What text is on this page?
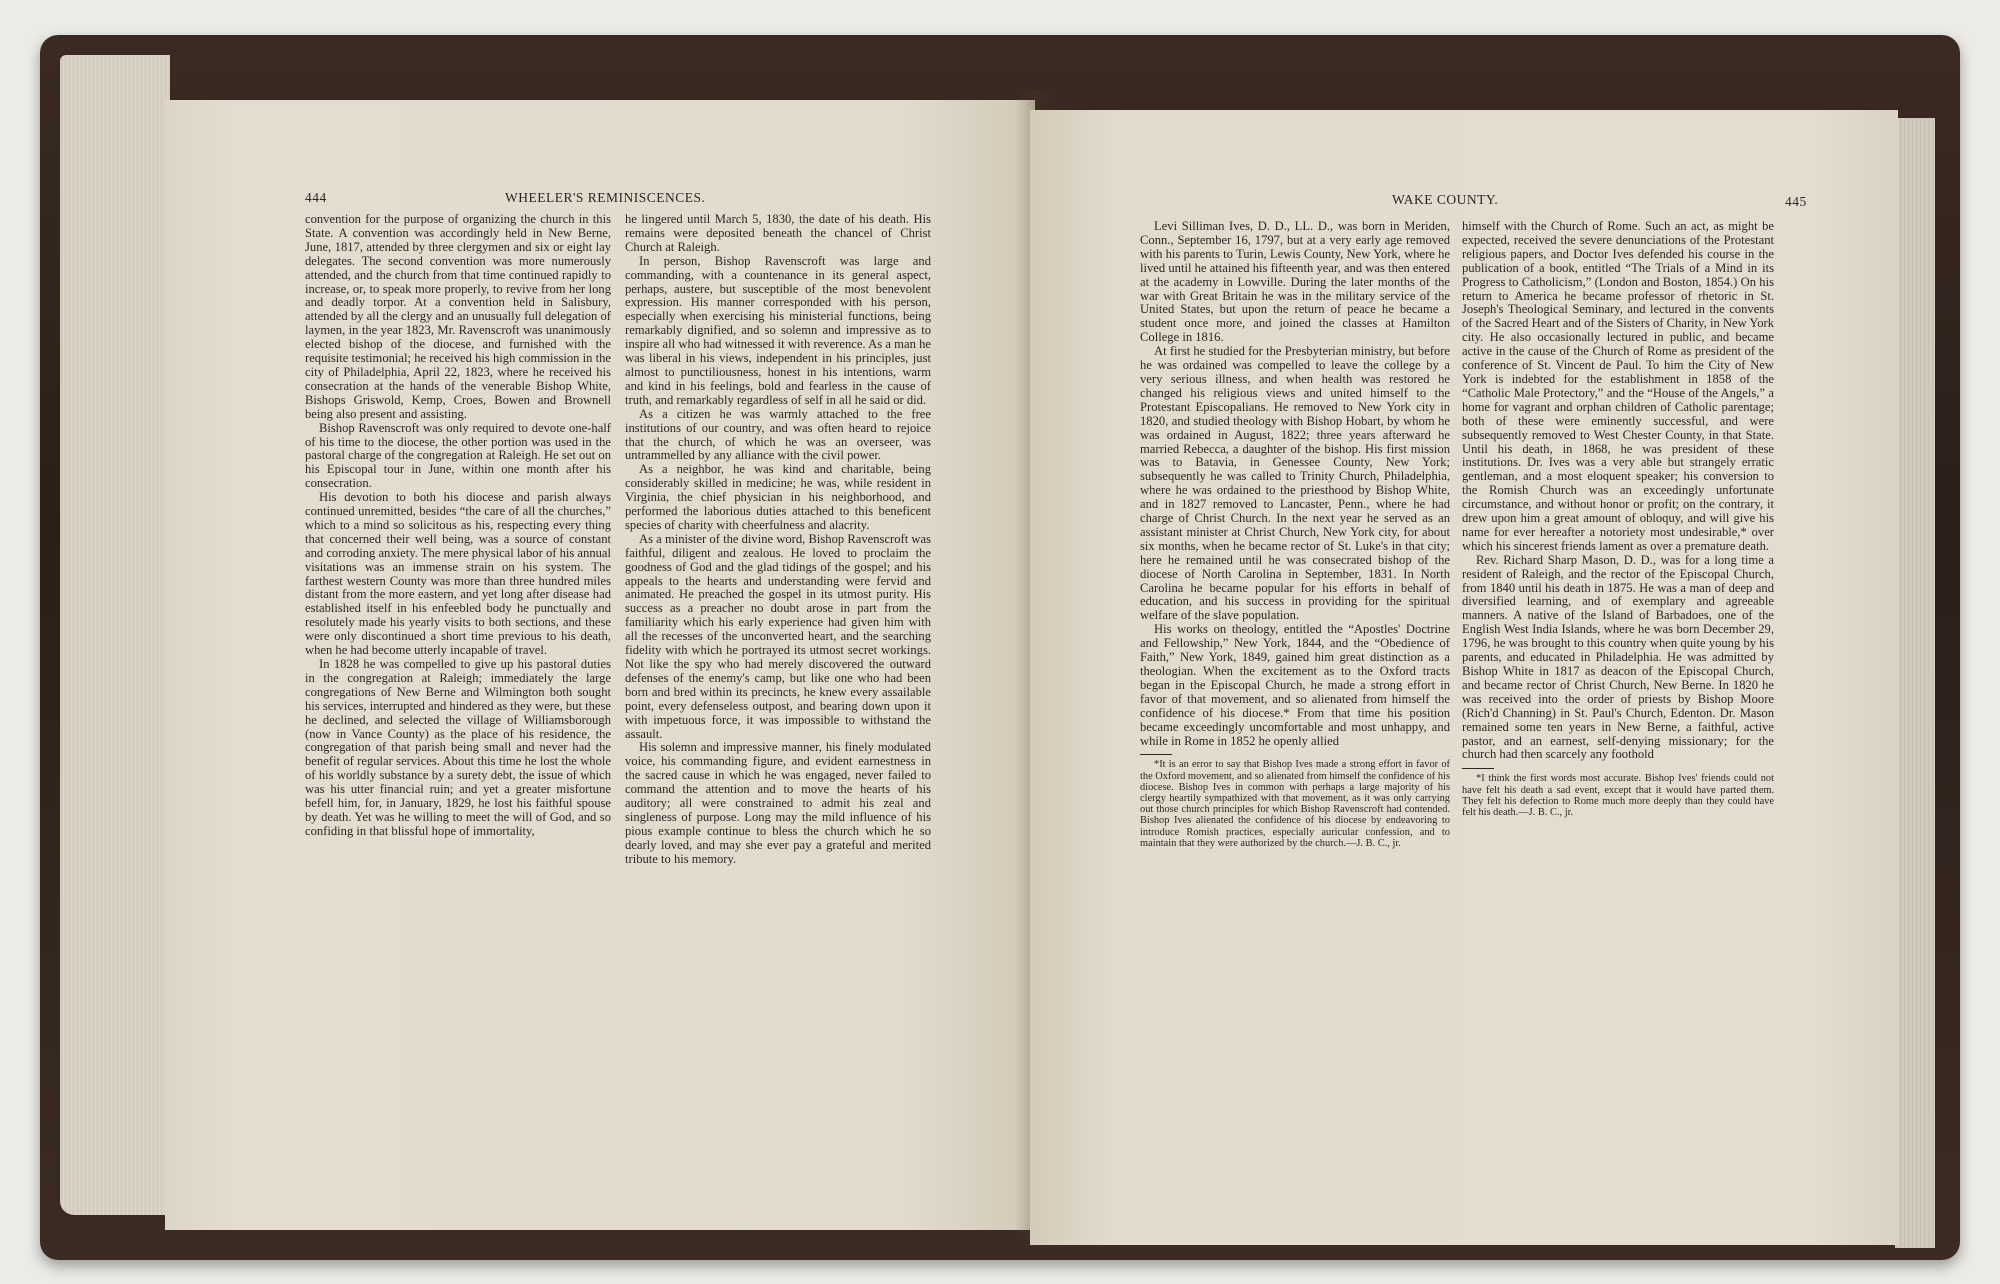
444	WHEELER'S REMINISCENCES.

convention for the purpose of organizing the church in this State. A convention was accordingly held in New Berne, June, 1817, attended by three clergymen and six or eight lay delegates. The second convention was more numerously attended, and the church from that time continued rapidly to increase, or, to speak more properly, to revive from her long and deadly torpor. At a convention held in Salisbury, attended by all the clergy and an unusually full delegation of laymen, in the year 1823, Mr. Ravenscroft was unanimously elected bishop of the diocese, and furnished with the requisite testimonial; he received his high commission in the city of Philadelphia, April 22, 1823, where he received his consecration at the hands of the venerable Bishop White, Bishops Griswold, Kemp, Croes, Bowen and Brownell being also present and assisting.

Bishop Ravenscroft was only required to devote one-half of his time to the diocese, the other portion was used in the pastoral charge of the congregation at Raleigh. He set out on his Episcopal tour in June, within one month after his consecration.

His devotion to both his diocese and parish always continued unremitted, besides “the care of all the churches,” which to a mind so solicitous as his, respecting every thing that concerned their well being, was a source of constant and corroding anxiety. The mere physical labor of his annual visitations was an immense strain on his system. The farthest western County was more than three hundred miles distant from the more eastern, and yet long after disease had established itself in his enfeebled body he punctually and resolutely made his yearly visits to both sections, and these were only discontinued a short time previous to his death, when he had become utterly incapable of travel.

In 1828 he was compelled to give up his pastoral duties in the congregation at Raleigh; immediately the large congregations of New Berne and Wilmington both sought his services, interrupted and hindered as they were, but these he declined, and selected the village of Williamsborough (now in Vance County) as the place of his residence, the congregation of that parish being small and never had the benefit of regular services. About this time he lost the whole of his worldly substance by a surety debt, the issue of which was his utter financial ruin; and yet a greater misfortune befell him, for, in January, 1829, he lost his faithful spouse by death. Yet was he willing to meet the will of God, and so confiding in that blissful hope of immortality,

he lingered until March 5, 1830, the date of his death. His remains were deposited beneath the chancel of Christ Church at Raleigh.

In person, Bishop Ravenscroft was large and commanding, with a countenance in its general aspect, perhaps, austere, but susceptible of the most benevolent expression. His manner corresponded with his person, especially when exercising his ministerial functions, being remarkably dignified, and so solemn and impressive as to inspire all who had witnessed it with reverence. As a man he was liberal in his views, independent in his principles, just almost to punctiliousness, honest in his intentions, warm and kind in his feelings, bold and fearless in the cause of truth, and remarkably regardless of self in all he said or did.

As a citizen he was warmly attached to the free institutions of our country, and was often heard to rejoice that the church, of which he was an overseer, was untrammelled by any alliance with the civil power.

As a neighbor, he was kind and charitable, being considerably skilled in medicine; he was, while resident in Virginia, the chief physician in his neighborhood, and performed the laborious duties attached to this beneficent species of charity with cheerfulness and alacrity.

As a minister of the divine word, Bishop Ravenscroft was faithful, diligent and zealous. He loved to proclaim the goodness of God and the glad tidings of the gospel; and his appeals to the hearts and understanding were fervid and animated. He preached the gospel in its utmost purity. His success as a preacher no doubt arose in part from the familiarity which his early experience had given him with all the recesses of the unconverted heart, and the searching fidelity with which he portrayed its utmost secret workings. Not like the spy who had merely discovered the outward defenses of the enemy's camp, but like one who had been born and bred within its precincts, he knew every assailable point, every defenseless outpost, and bearing down upon it with impetuous force, it was impossible to withstand the assault.

His solemn and impressive manner, his finely modulated voice, his commanding figure, and evident earnestness in the sacred cause in which he was engaged, never failed to command the attention and to move the hearts of his auditory; all were constrained to admit his zeal and singleness of purpose. Long may the mild influence of his pious example continue to bless the church which he so dearly loved, and may she ever pay a grateful and merited tribute to his memory.

WAKE COUNTY.	445

Levi Silliman Ives, D. D., LL. D., was born in Meriden, Conn., September 16, 1797, but at a very early age removed with his parents to Turin, Lewis County, New York, where he lived until he attained his fifteenth year, and was then entered at the academy in Lowville. During the later months of the war with Great Britain he was in the military service of the United States, but upon the return of peace he became a student once more, and joined the classes at Hamilton College in 1816.

At first he studied for the Presbyterian ministry, but before he was ordained was compelled to leave the college by a very serious illness, and when health was restored he changed his religious views and united himself to the Protestant Episcopalians. He removed to New York city in 1820, and studied theology with Bishop Hobart, by whom he was ordained in August, 1822; three years afterward he married Rebecca, a daughter of the bishop. His first mission was to Batavia, in Genessee County, New York; subsequently he was called to Trinity Church, Philadelphia, where he was ordained to the priesthood by Bishop White, and in 1827 removed to Lancaster, Penn., where he had charge of Christ Church. In the next year he served as an assistant minister at Christ Church, New York city, for about six months, when he became rector of St. Luke's in that city; here he remained until he was consecrated bishop of the diocese of North Carolina in September, 1831. In North Carolina he became popular for his efforts in behalf of education, and his success in providing for the spiritual welfare of the slave population.

His works on theology, entitled the “Apostles' Doctrine and Fellowship,” New York, 1844, and the “Obedience of Faith,” New York, 1849, gained him great distinction as a theologian. When the excitement as to the Oxford tracts began in the Episcopal Church, he made a strong effort in favor of that movement, and so alienated from himself the confidence of his diocese.* From that time his position became exceedingly uncomfortable and most unhappy, and while in Rome in 1852 he openly allied

*It is an error to say that Bishop Ives made a strong effort in favor of the Oxford movement, and so alienated from himself the confidence of his diocese. Bishop Ives in common with perhaps a large majority of his clergy heartily sympathized with that movement, as it was only carrying out those church principles for which Bishop Ravenscroft had contended. Bishop Ives alienated the confidence of his diocese by endeavoring to introduce Romish practices, especially auricular confession, and to maintain that they were authorized by the church.—J. B. C., jr.

himself with the Church of Rome. Such an act, as might be expected, received the severe denunciations of the Protestant religious papers, and Doctor Ives defended his course in the publication of a book, entitled “The Trials of a Mind in its Progress to Catholicism,” (London and Boston, 1854.) On his return to America he became professor of rhetoric in St. Joseph's Theological Seminary, and lectured in the convents of the Sacred Heart and of the Sisters of Charity, in New York city. He also occasionally lectured in public, and became active in the cause of the Church of Rome as president of the conference of St. Vincent de Paul. To him the City of New York is indebted for the establishment in 1858 of the “Catholic Male Protectory,” and the “House of the Angels,” a home for vagrant and orphan children of Catholic parentage; both of these were eminently successful, and were subsequently removed to West Chester County, in that State. Until his death, in 1868, he was president of these institutions. Dr. Ives was a very able but strangely erratic gentleman, and a most eloquent speaker; his conversion to the Romish Church was an exceedingly unfortunate circumstance, and without honor or profit; on the contrary, it drew upon him a great amount of obloquy, and will give his name for ever hereafter a notoriety most undesirable,* over which his sincerest friends lament as over a premature death.

Rev. Richard Sharp Mason, D. D., was for a long time a resident of Raleigh, and the rector of the Episcopal Church, from 1840 until his death in 1875. He was a man of deep and diversified learning, and of exemplary and agreeable manners. A native of the Island of Barbadoes, one of the English West India Islands, where he was born December 29, 1796, he was brought to this country when quite young by his parents, and educated in Philadelphia. He was admitted by Bishop White in 1817 as deacon of the Episcopal Church, and became rector of Christ Church, New Berne. In 1820 he was received into the order of priests by Bishop Moore (Rich'd Channing) in St. Paul's Church, Edenton. Dr. Mason remained some ten years in New Berne, a faithful, active pastor, and an earnest, self-denying missionary; for the church had then scarcely any foothold

*I think the first words most accurate. Bishop Ives' friends could not have felt his death a sad event, except that it would have parted them. They felt his defection to Rome much more deeply than they could have felt his death.—J. B. C., jr.
